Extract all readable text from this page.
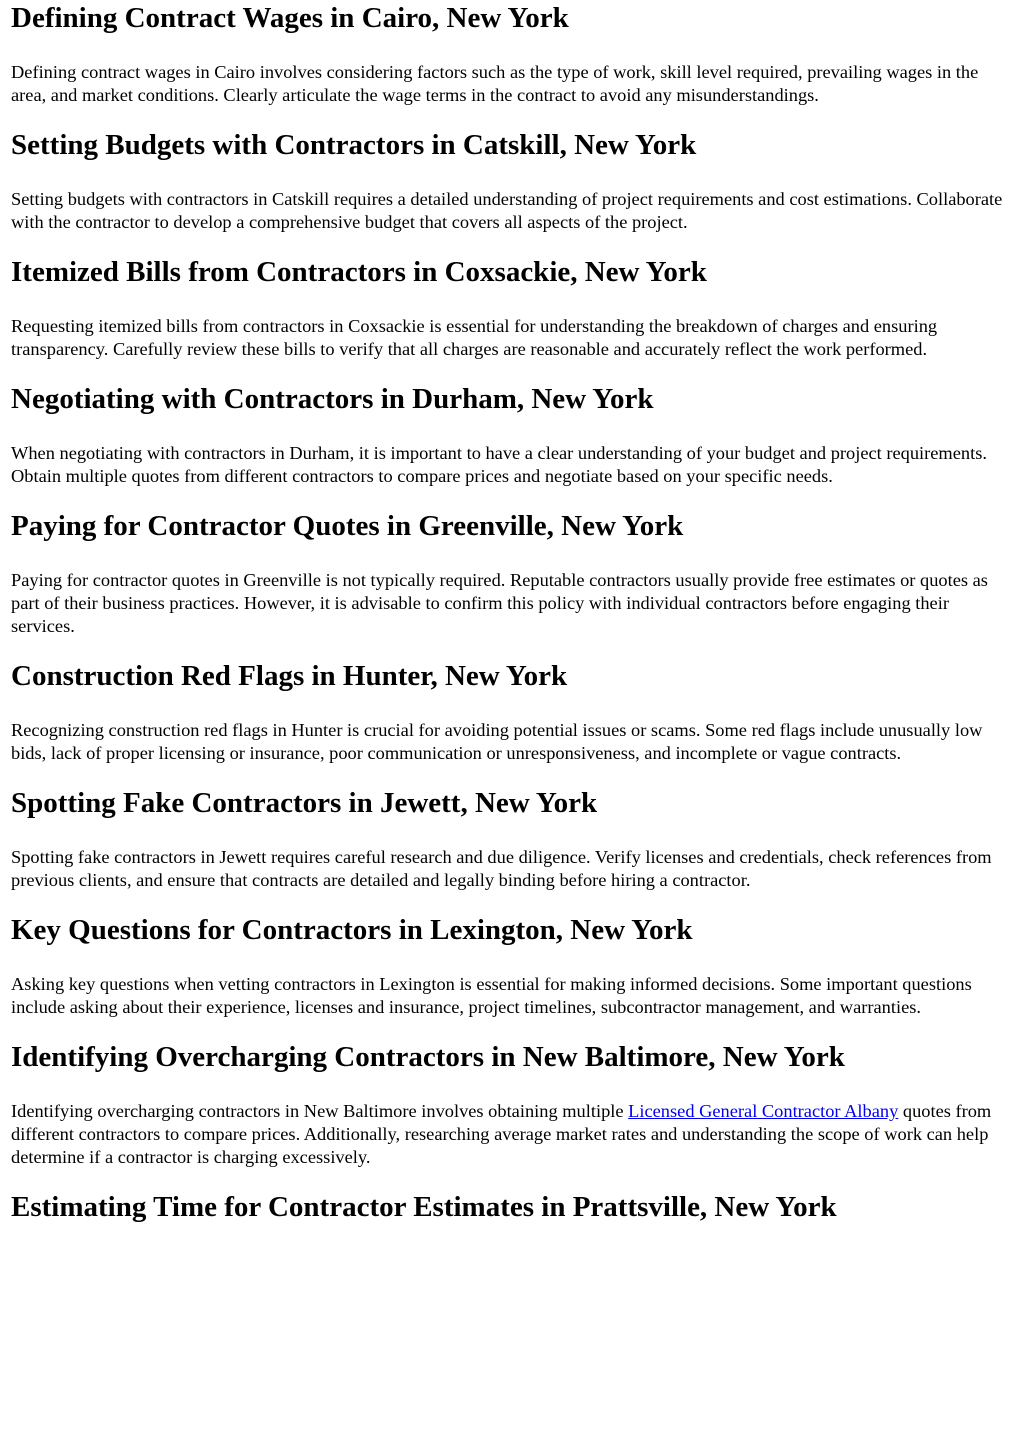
Defining Contract Wages in Cairo, New York

Defining contract wages in Cairo involves considering factors such as the type of work, skill level required, prevailing wages in the area, and market conditions. Clearly articulate the wage terms in the contract to avoid any misunderstandings.

Setting Budgets with Contractors in Catskill, New York

Setting budgets with contractors in Catskill requires a detailed understanding of project requirements and cost estimations. Collaborate with the contractor to develop a comprehensive budget that covers all aspects of the project.

Itemized Bills from Contractors in Coxsackie, New York

Requesting itemized bills from contractors in Coxsackie is essential for understanding the breakdown of charges and ensuring transparency. Carefully review these bills to verify that all charges are reasonable and accurately reflect the work performed.

Negotiating with Contractors in Durham, New York

When negotiating with contractors in Durham, it is important to have a clear understanding of your budget and project requirements. Obtain multiple quotes from different contractors to compare prices and negotiate based on your specific needs.

Paying for Contractor Quotes in Greenville, New York

Paying for contractor quotes in Greenville is not typically required. Reputable contractors usually provide free estimates or quotes as part of their business practices. However, it is advisable to confirm this policy with individual contractors before engaging their services.

Construction Red Flags in Hunter, New York

Recognizing construction red flags in Hunter is crucial for avoiding potential issues or scams. Some red flags include unusually low bids, lack of proper licensing or insurance, poor communication or unresponsiveness, and incomplete or vague contracts.

Spotting Fake Contractors in Jewett, New York

Spotting fake contractors in Jewett requires careful research and due diligence. Verify licenses and credentials, check references from previous clients, and ensure that contracts are detailed and legally binding before hiring a contractor.

Key Questions for Contractors in Lexington, New York

Asking key questions when vetting contractors in Lexington is essential for making informed decisions. Some important questions include asking about their experience, licenses and insurance, project timelines, subcontractor management, and warranties.

Identifying Overcharging Contractors in New Baltimore, New York

Identifying overcharging contractors in New Baltimore involves obtaining multiple Licensed General Contractor Albany quotes from different contractors to compare prices. Additionally, researching average market rates and understanding the scope of work can help determine if a contractor is charging excessively.

Estimating Time for Contractor Estimates in Prattsville, New York
